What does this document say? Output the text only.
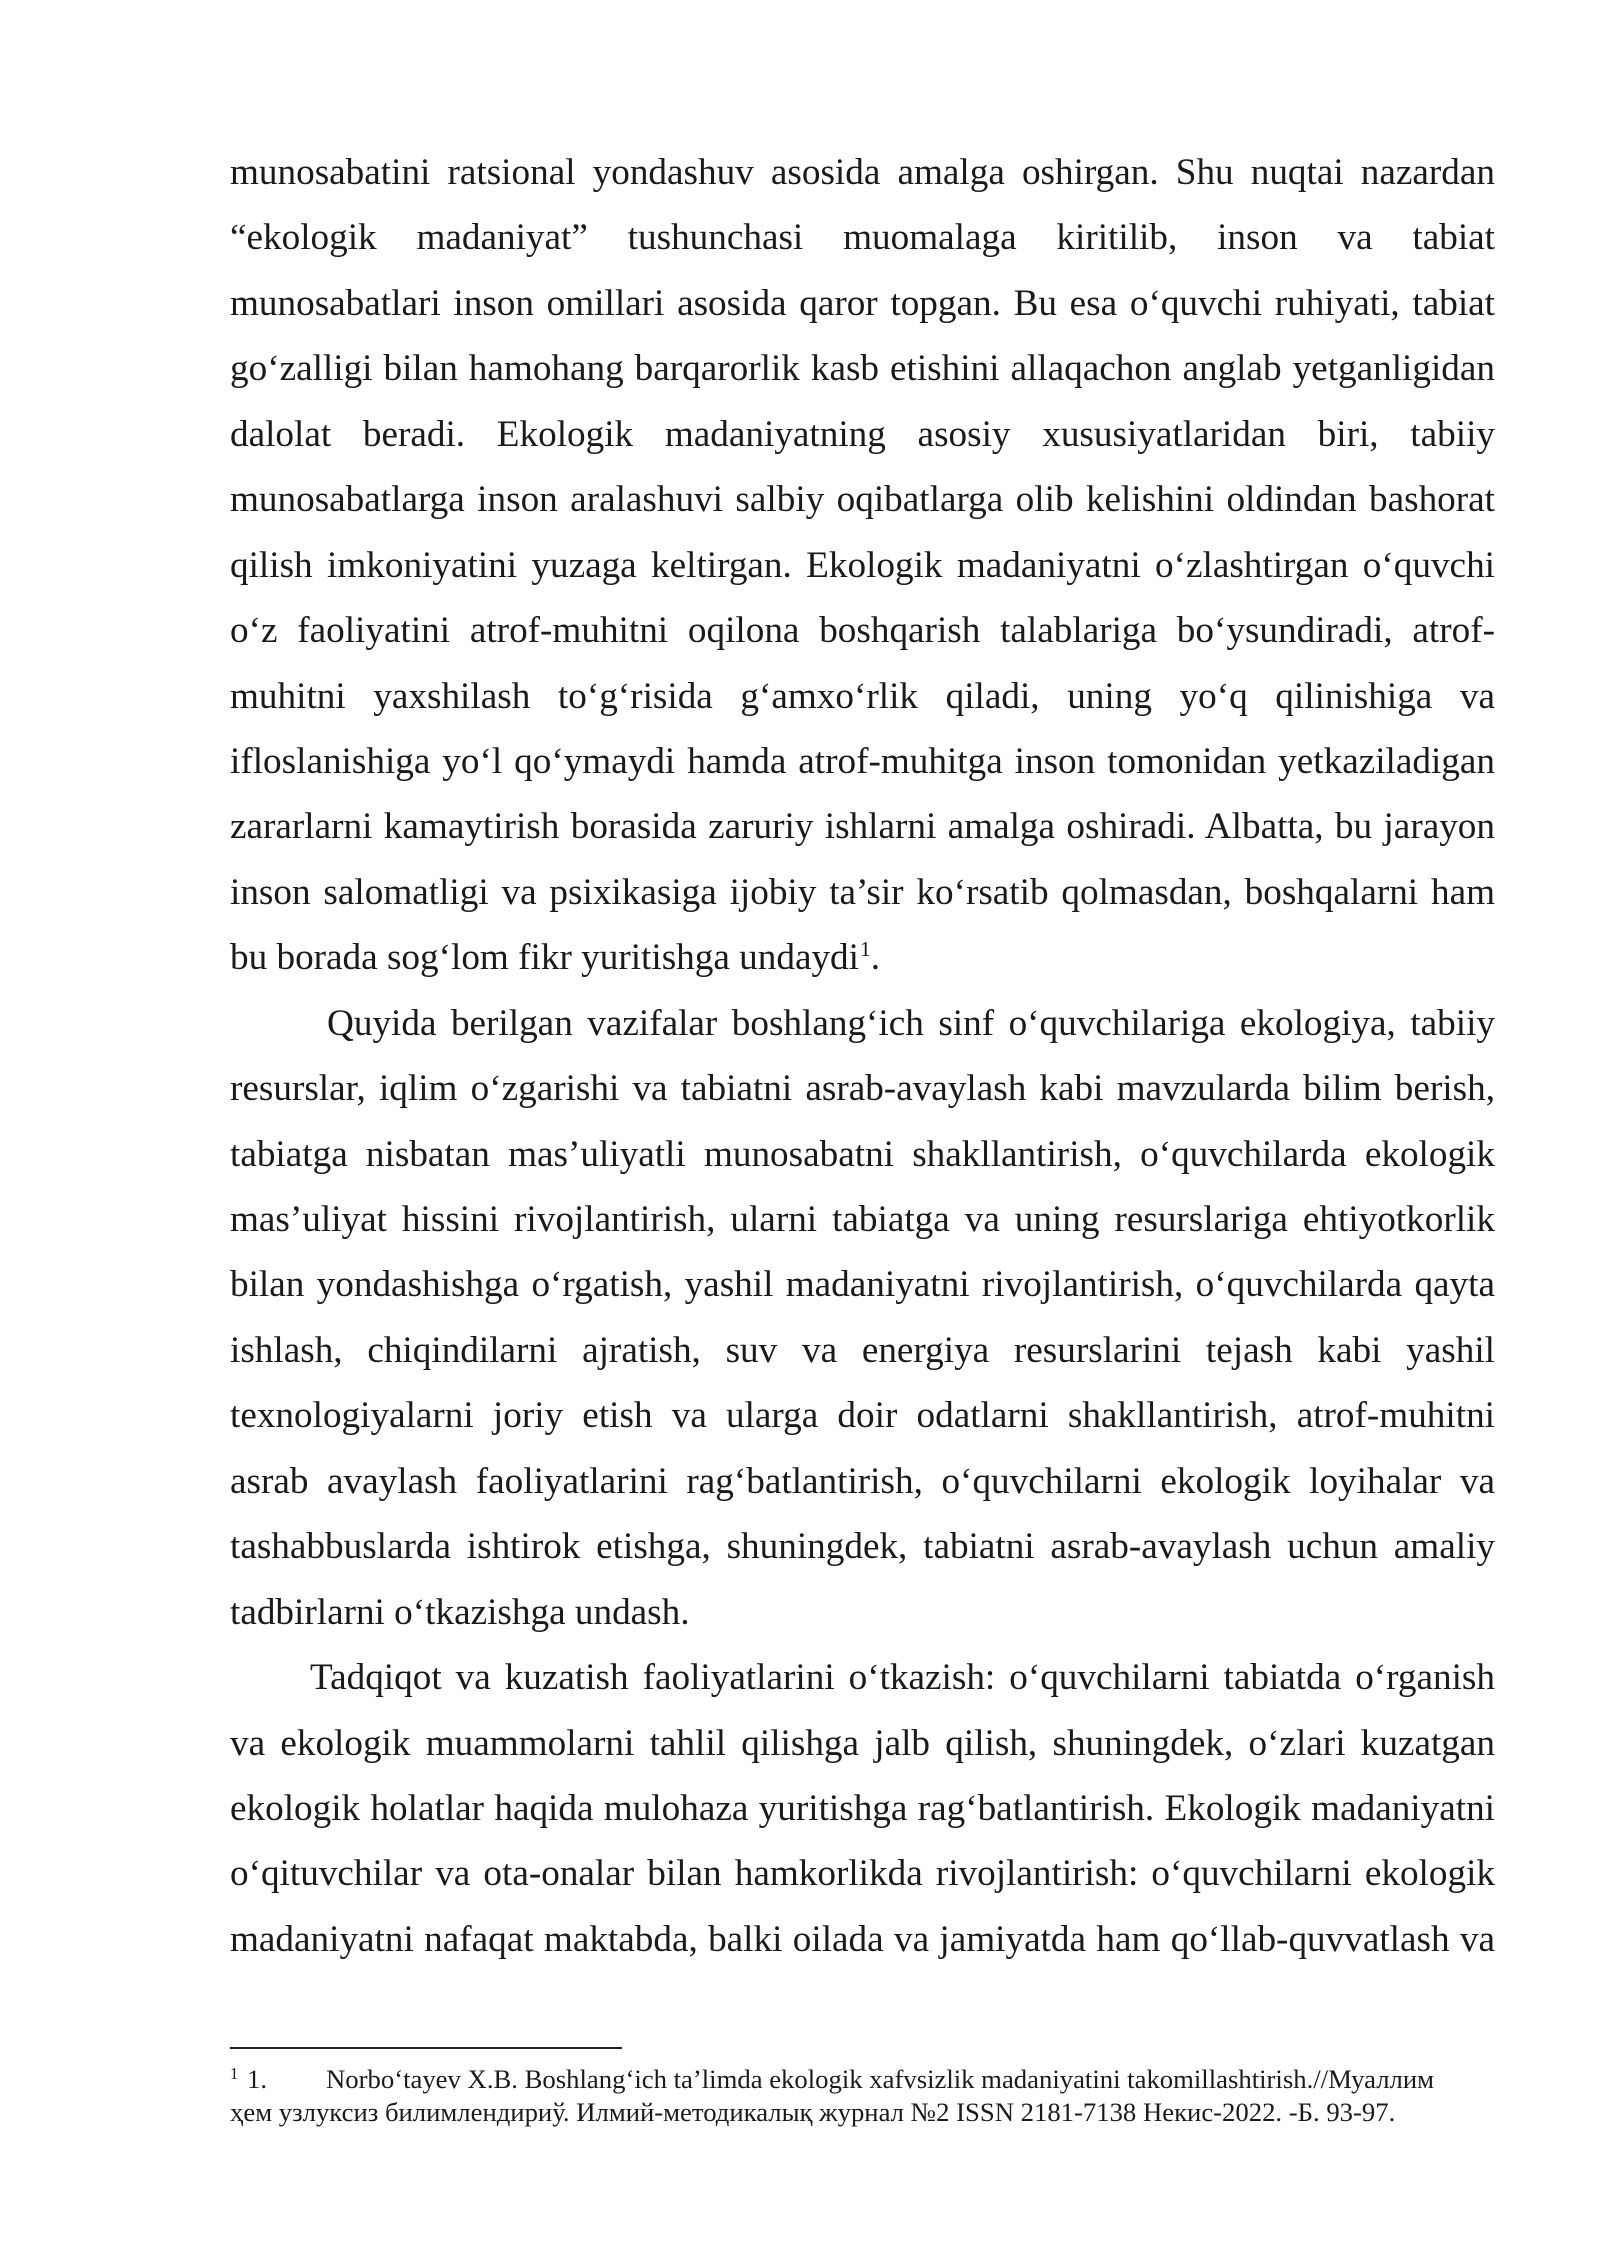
munosabatini ratsional yondashuv asosida amalga oshirgan. Shu nuqtai nazardan
“ekologik madaniyat” tushunchasi muomalaga kiritilib, inson va tabiat
munosabatlari inson omillari asosida qaror topgan. Bu esa o‘quvchi ruhiyati, tabiat
go‘zalligi bilan hamohang barqarorlik kasb etishini allaqachon anglab yetganligidan
dalolat beradi. Ekologik madaniyatning asosiy xususiyatlaridan biri, tabiiy
munosabatlarga inson aralashuvi salbiy oqibatlarga olib kelishini oldindan bashorat
qilish imkoniyatini yuzaga keltirgan. Ekologik madaniyatni o‘zlashtirgan o‘quvchi
o‘z faoliyatini atrof-muhitni oqilona boshqarish talablariga bo‘ysundiradi, atrof-
muhitni yaxshilash to‘g‘risida g‘amxo‘rlik qiladi, uning yo‘q qilinishiga va
ifloslanishiga yo‘l qo‘ymaydi hamda atrof-muhitga inson tomonidan yetkaziladigan
zararlarni kamaytirish borasida zaruriy ishlarni amalga oshiradi. Albatta, bu jarayon
inson salomatligi va psixikasiga ijobiy ta’sir ko‘rsatib qolmasdan, boshqalarni ham
bu borada sog‘lom fikr yuritishga undaydi$^1$.
Quyida berilgan vazifalar boshlang‘ich sinf o‘quvchilariga ekologiya, tabiiy
resurslar, iqlim o‘zgarishi va tabiatni asrab-avaylash kabi mavzularda bilim berish,
tabiatga nisbatan mas’uliyatli munosabatni shakllantirish, o‘quvchilarda ekologik
mas’uliyat hissini rivojlantirish, ularni tabiatga va uning resurslariga ehtiyotkorlik
bilan yondashishga o‘rgatish, yashil madaniyatni rivojlantirish, o‘quvchilarda qayta
ishlash, chiqindilarni ajratish, suv va energiya resurslarini tejash kabi yashil
texnologiyalarni joriy etish va ularga doir odatlarni shakllantirish, atrof-muhitni
asrab avaylash faoliyatlarini rag‘batlantirish, o‘quvchilarni ekologik loyihalar va
tashabbuslarda ishtirok etishga, shuningdek, tabiatni asrab-avaylash uchun amaliy
tadbirlarni o‘tkazishga undash.
Tadqiqot va kuzatish faoliyatlarini o‘tkazish: o‘quvchilarni tabiatda o‘rganish
va ekologik muammolarni tahlil qilishga jalb qilish, shuningdek, o‘zlari kuzatgan
ekologik holatlar haqida mulohaza yuritishga rag‘batlantirish. Ekologik madaniyatni
o‘qituvchilar va ota-onalar bilan hamkorlikda rivojlantirish: o‘quvchilarni ekologik
madaniyatni nafaqat maktabda, balki oilada va jamiyatda ham qo‘llab-quvvatlash va
1 1. Norbo‘tayev X.B. Boshlang‘ich ta’limda ekologik xafvsizlik madaniyatini takomillashtirish.//Муаллим
ҳем узлуксиз билимлендириў. Илмий-методикалық журнал №2 ISSN 2181-7138 Некис-2022. -Б. 93-97.
